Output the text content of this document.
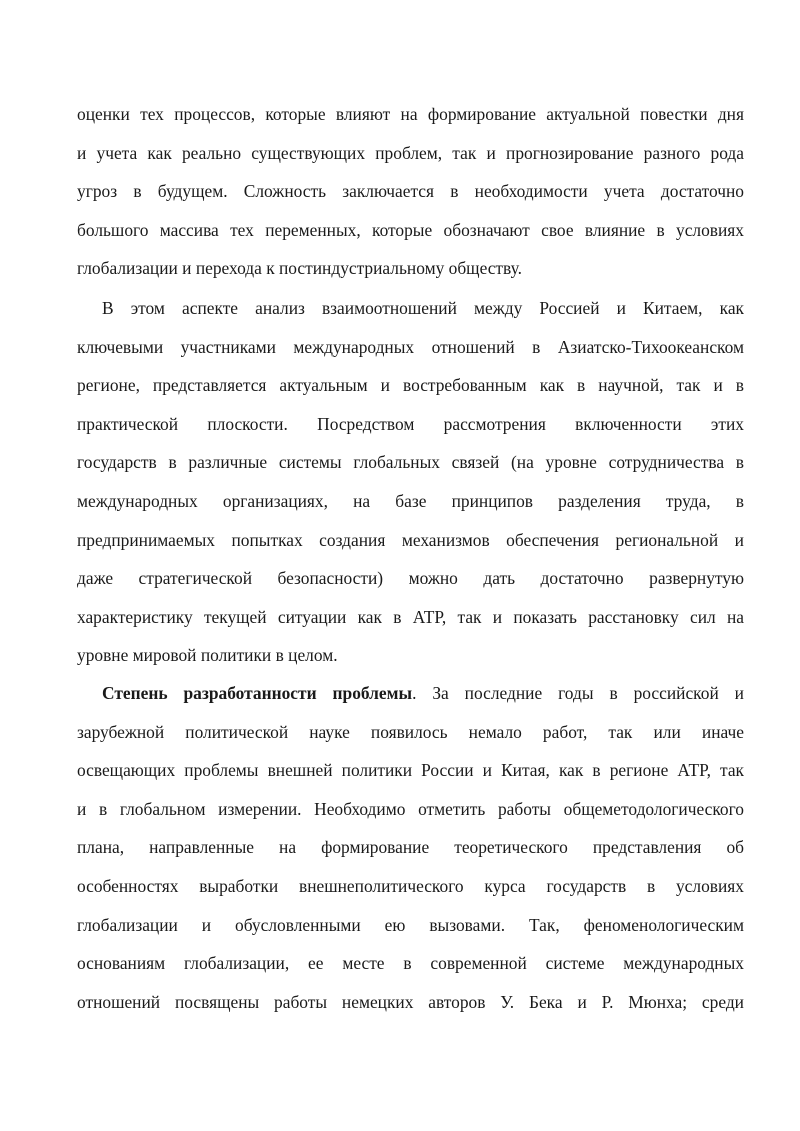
оценки тех процессов, которые влияют на формирование актуальной повестки дня
и учета как реально существующих проблем, так и прогнозирование разного рода
угроз в будущем. Сложность заключается в необходимости учета достаточно
большого массива тех переменных, которые обозначают свое влияние в условиях
глобализации и перехода к постиндустриальному обществу.
В этом аспекте анализ взаимоотношений между Россией и Китаем, как
ключевыми участниками международных отношений в Азиатско-Тихоокеанском
регионе, представляется актуальным и востребованным как в научной, так и в
практической плоскости. Посредством рассмотрения включенности этих
государств в различные системы глобальных связей (на уровне сотрудничества в
международных организациях, на базе принципов разделения труда, в
предпринимаемых попытках создания механизмов обеспечения региональной и
даже стратегической безопасности) можно дать достаточно развернутую
характеристику текущей ситуации как в АТР, так и показать расстановку сил на
уровне мировой политики в целом.
Степень разработанности проблемы. За последние годы в российской и
зарубежной политической науке появилось немало работ, так или иначе
освещающих проблемы внешней политики России и Китая, как в регионе АТР, так
и в глобальном измерении. Необходимо отметить работы общеметодологического
плана, направленные на формирование теоретического представления об
особенностях выработки внешнеполитического курса государств в условиях
глобализации и обусловленными ею вызовами. Так, феноменологическим
основаниям глобализации, ее месте в современной системе международных
отношений посвящены работы немецких авторов У. Бека и Р. Мюнха; среди
